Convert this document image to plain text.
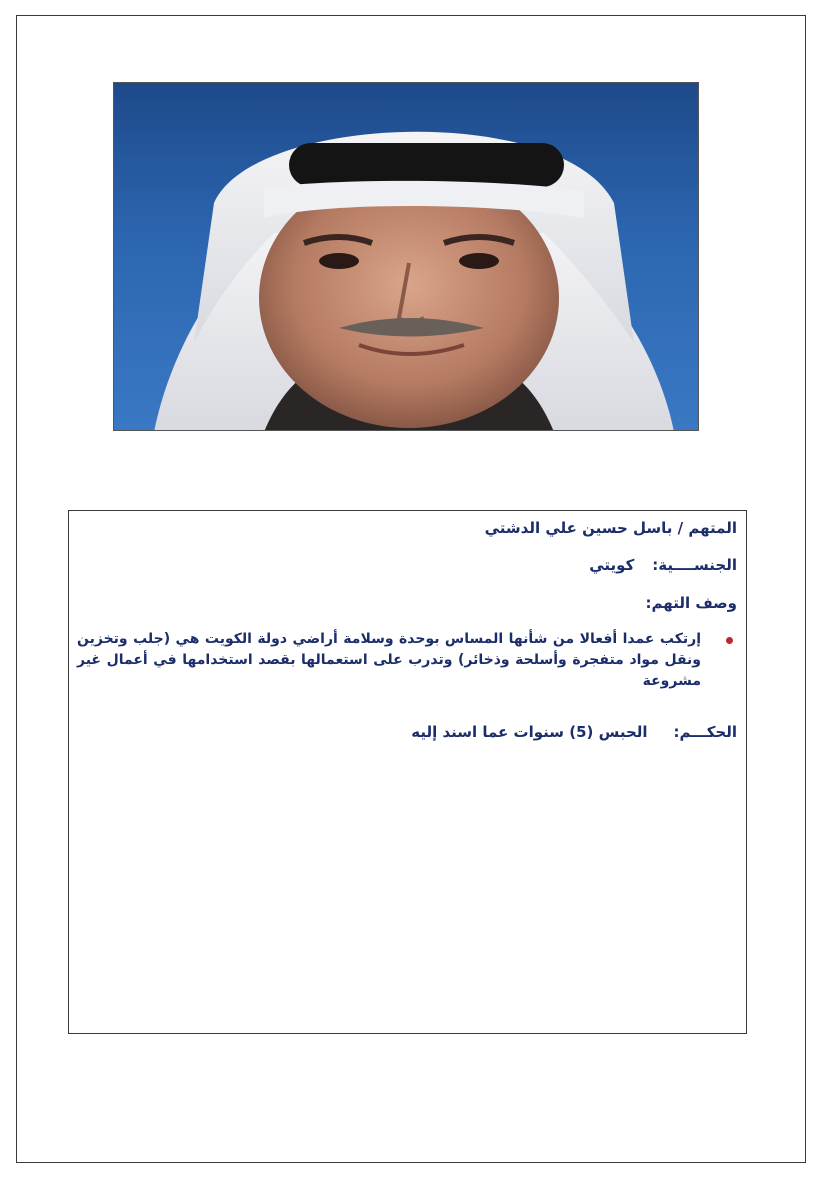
المتهم / باسل حسين علي الدشتي
الجنســــية:كويتي
وصف التهم:
إرتكب عمدا أفعالا من شأنها المساس بوحدة وسلامة أراضي دولة الكويت هي (جلب وتخزين ونقل مواد متفجرة وأسلحة وذخائر) وتدرب على استعمالها بقصد استخدامها في أعمال غير مشروعة
الحكـــم:الحبس (5) سنوات عما اسند إليه
